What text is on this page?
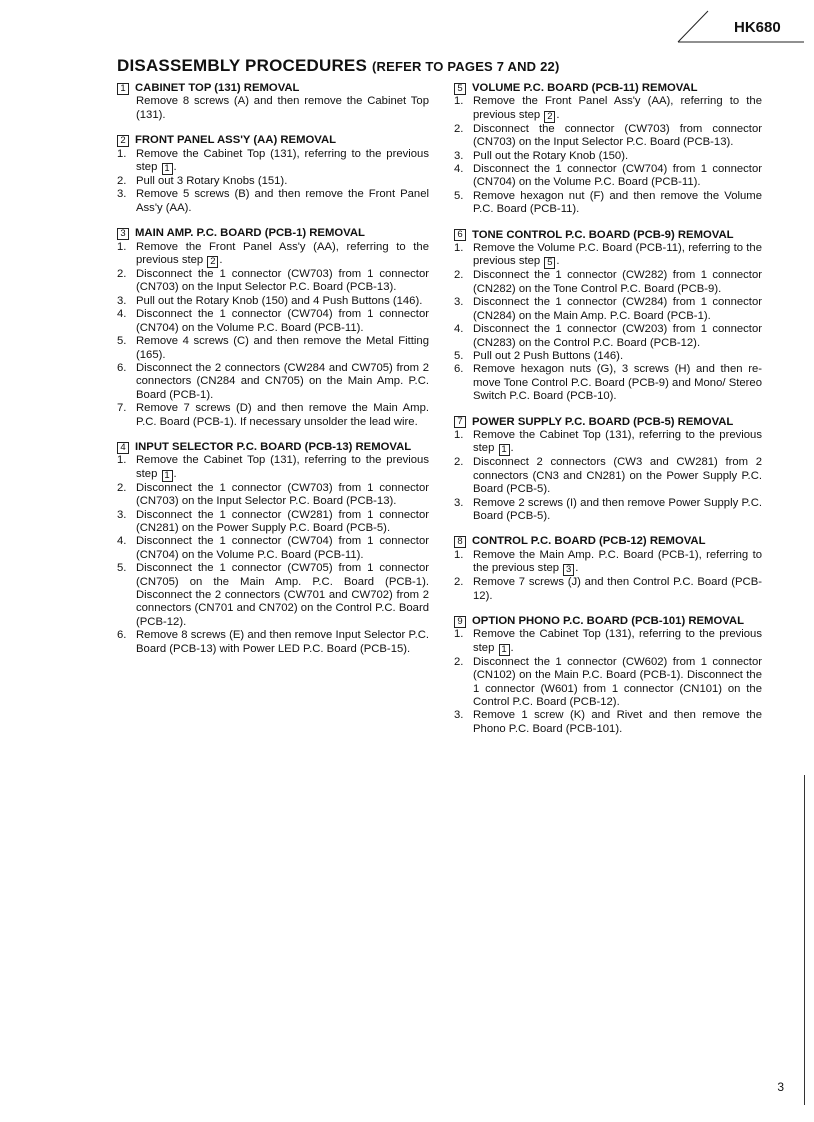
HK680
DISASSEMBLY PROCEDURES (REFER TO PAGES 7 AND 22)
1 CABINET TOP (131) REMOVAL
Remove 8 screws (A) and then remove the Cabinet Top (131).
2 FRONT PANEL ASS'Y (AA) REMOVAL
1. Remove the Cabinet Top (131), referring to the previous step 1 .
2. Pull out 3 Rotary Knobs (151).
3. Remove 5 screws (B) and then remove the Front Panel Ass'y (AA).
3 MAIN AMP. P.C. BOARD (PCB-1) REMOVAL
1. Remove the Front Panel Ass'y (AA), referring to the previous step 2 .
2. Disconnect the 1 connector (CW703) from 1 connector (CN703) on the Input Selector P.C. Board (PCB-13).
3. Pull out the Rotary Knob (150) and 4 Push Buttons (146).
4. Disconnect the 1 connector (CW704) from 1 connector (CN704) on the Volume P.C. Board (PCB-11).
5. Remove 4 screws (C) and then remove the Metal Fitting (165).
6. Disconnect the 2 connectors (CW284 and CW705) from 2 connectors (CN284 and CN705) on the Main Amp. P.C. Board (PCB-1).
7. Remove 7 screws (D) and then remove the Main Amp. P.C. Board (PCB-1). If necessary unsolder the lead wire.
4 INPUT SELECTOR P.C. BOARD (PCB-13) REMOVAL
1. Remove the Cabinet Top (131), referring to the previous step 1 .
2. Disconnect the 1 connector (CW703) from 1 connector (CN703) on the Input Selector P.C. Board (PCB-13).
3. Disconnect the 1 connector (CW281) from 1 connector (CN281) on the Power Supply P.C. Board (PCB-5).
4. Disconnect the 1 connector (CW704) from 1 connector (CN704) on the Volume P.C. Board (PCB-11).
5. Disconnect the 1 connector (CW705) from 1 connector (CN705) on the Main Amp. P.C. Board (PCB-1). Disconnect the 2 connectors (CW701 and CW702) from 2 connectors (CN701 and CN702) on the Control P.C. Board (PCB-12).
6. Remove 8 screws (E) and then remove Input Selector P.C. Board (PCB-13) with Power LED P.C. Board (PCB-15).
5 VOLUME P.C. BOARD (PCB-11) REMOVAL
1. Remove the Front Panel Ass'y (AA), referring to the previous step 2 .
2. Disconnect the connector (CW703) from connector (CN703) on the Input Selector P.C. Board (PCB-13).
3. Pull out the Rotary Knob (150).
4. Disconnect the 1 connector (CW704) from 1 connector (CN704) on the Volume P.C. Board (PCB-11).
5. Remove hexagon nut (F) and then remove the Volume P.C. Board (PCB-11).
6 TONE CONTROL P.C. BOARD (PCB-9) REMOVAL
1. Remove the Volume P.C. Board (PCB-11), referring to the previous step 5 .
2. Disconnect the 1 connector (CW282) from 1 connector (CN282) on the Tone Control P.C. Board (PCB-9).
3. Disconnect the 1 connector (CW284) from 1 connector (CN284) on the Main Amp. P.C. Board (PCB-1).
4. Disconnect the 1 connector (CW203) from 1 connector (CN283) on the Control P.C. Board (PCB-12).
5. Pull out 2 Push Buttons (146).
6. Remove hexagon nuts (G), 3 screws (H) and then re-move Tone Control P.C. Board (PCB-9) and Mono/ Stereo Switch P.C. Board (PCB-10).
7 POWER SUPPLY P.C. BOARD (PCB-5) REMOVAL
1. Remove the Cabinet Top (131), referring to the previous step 1 .
2. Disconnect 2 connectors (CW3 and CW281) from 2 connectors (CN3 and CN281) on the Power Supply P.C. Board (PCB-5).
3. Remove 2 screws (I) and then remove Power Supply P.C. Board (PCB-5).
8 CONTROL P.C. BOARD (PCB-12) REMOVAL
1. Remove the Main Amp. P.C. Board (PCB-1), referring to the previous step 3 .
2. Remove 7 screws (J) and then Control P.C. Board (PCB-12).
9 OPTION PHONO P.C. BOARD (PCB-101) REMOVAL
1. Remove the Cabinet Top (131), referring to the previous step 1 .
2. Disconnect the 1 connector (CW602) from 1 connector (CN102) on the Main P.C. Board (PCB-1). Disconnect the 1 connector (W601) from 1 connector (CN101) on the Control P.C. Board (PCB-12).
3. Remove 1 screw (K) and Rivet and then remove the Phono P.C. Board (PCB-101).
3
